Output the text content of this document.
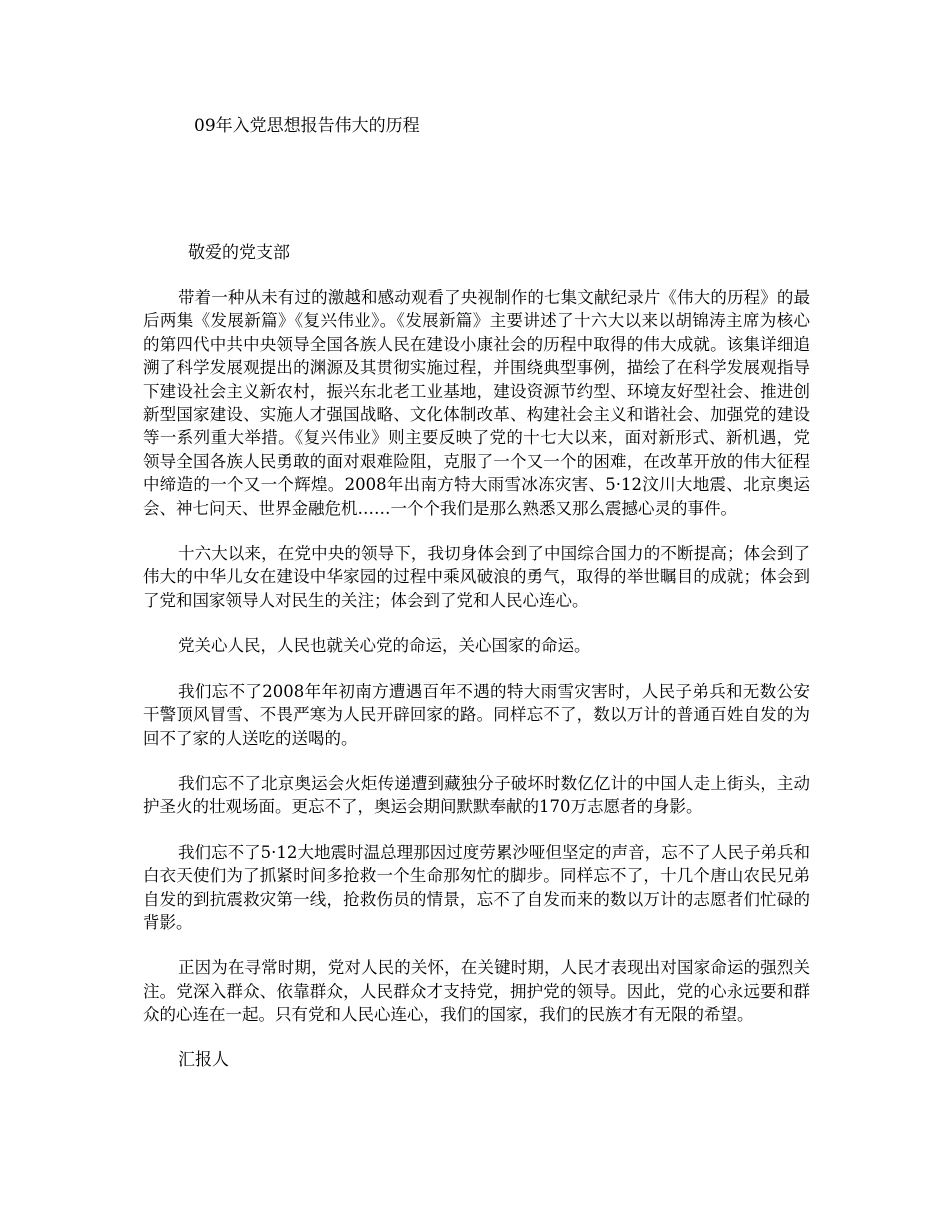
09年入党思想报告伟大的历程
敬爱的党支部

带着一种从未有过的激越和感动观看了央视制作的七集文献纪录片《伟大的历程》的最后两集《发展新篇》《复兴伟业》。《发展新篇》主要讲述了十六大以来以胡锦涛主席为核心的第四代中共中央领导全国各族人民在建设小康社会的历程中取得的伟大成就。该集详细追溯了科学发展观提出的渊源及其贯彻实施过程，并围绕典型事例，描绘了在科学发展观指导下建设社会主义新农村，振兴东北老工业基地，建设资源节约型、环境友好型社会、推进创新型国家建设、实施人才强国战略、文化体制改革、构建社会主义和谐社会、加强党的建设等一系列重大举措。《复兴伟业》则主要反映了党的十七大以来，面对新形式、新机遇，党领导全国各族人民勇敢的面对艰难险阻，克服了一个又一个的困难，在改革开放的伟大征程中缔造的一个又一个辉煌。2008年出南方特大雨雪冰冻灾害、5·12汶川大地震、北京奥运会、神七问天、世界金融危机……一个个我们是那么熟悉又那么震撼心灵的事件。

十六大以来，在党中央的领导下，我切身体会到了中国综合国力的不断提高；体会到了伟大的中华儿女在建设中华家园的过程中乘风破浪的勇气，取得的举世瞩目的成就；体会到了党和国家领导人对民生的关注；体会到了党和人民心连心。

党关心人民，人民也就关心党的命运，关心国家的命运。

我们忘不了2008年年初南方遭遇百年不遇的特大雨雪灾害时，人民子弟兵和无数公安干警顶风冒雪、不畏严寒为人民开辟回家的路。同样忘不了，数以万计的普通百姓自发的为回不了家的人送吃的送喝的。

我们忘不了北京奥运会火炬传递遭到藏独分子破坏时数亿亿计的中国人走上街头，主动护圣火的壮观场面。更忘不了，奥运会期间默默奉献的170万志愿者的身影。

我们忘不了5·12大地震时温总理那因过度劳累沙哑但坚定的声音，忘不了人民子弟兵和白衣天使们为了抓紧时间多抢救一个生命那匆忙的脚步。同样忘不了，十几个唐山农民兄弟自发的到抗震救灾第一线，抢救伤员的情景，忘不了自发而来的数以万计的志愿者们忙碌的背影。

正因为在寻常时期，党对人民的关怀，在关键时期，人民才表现出对国家命运的强烈关注。党深入群众、依靠群众，人民群众才支持党，拥护党的领导。因此，党的心永远要和群众的心连在一起。只有党和人民心连心，我们的国家，我们的民族才有无限的希望。

汇报人
